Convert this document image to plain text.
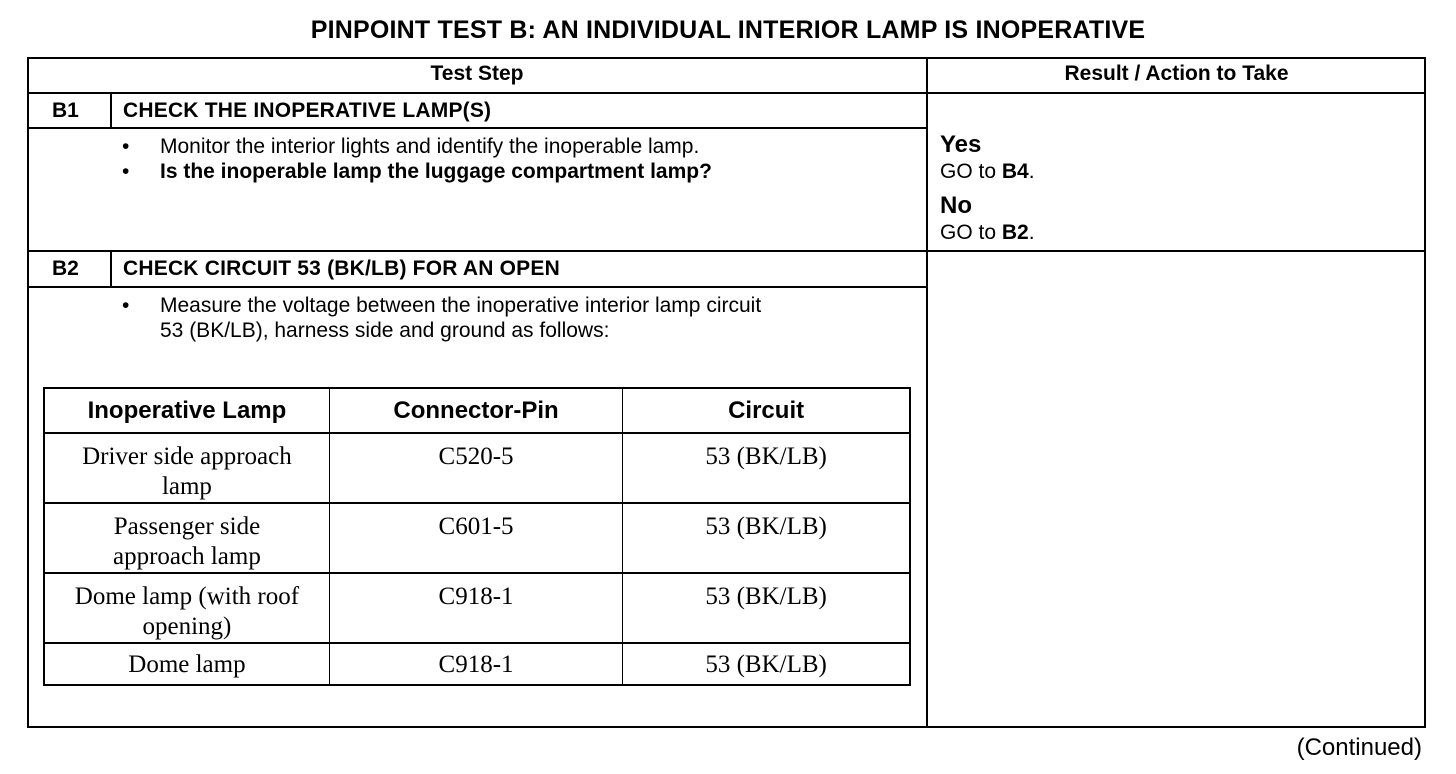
PINPOINT TEST B: AN INDIVIDUAL INTERIOR LAMP IS INOPERATIVE
Test Step	Result / Action to Take
B1 CHECK THE INOPERATIVE LAMP(S)
• Monitor the interior lights and identify the inoperable lamp.
• Is the inoperable lamp the luggage compartment lamp?
Yes
GO to B4.
No
GO to B2.
B2 CHECK CIRCUIT 53 (BK/LB) FOR AN OPEN
• Measure the voltage between the inoperative interior lamp circuit
53 (BK/LB), harness side and ground as follows:
Inoperative Lamp	Connector-Pin	Circuit

Driver side approach
lamp	C520-5	53 (BK/LB)

Passenger side
approach lamp	C601-5	53 (BK/LB)

Dome lamp (with roof
opening)	C918-1	53 (BK/LB)

Dome lamp	C918-1	53 (BK/LB)
(Continued)
